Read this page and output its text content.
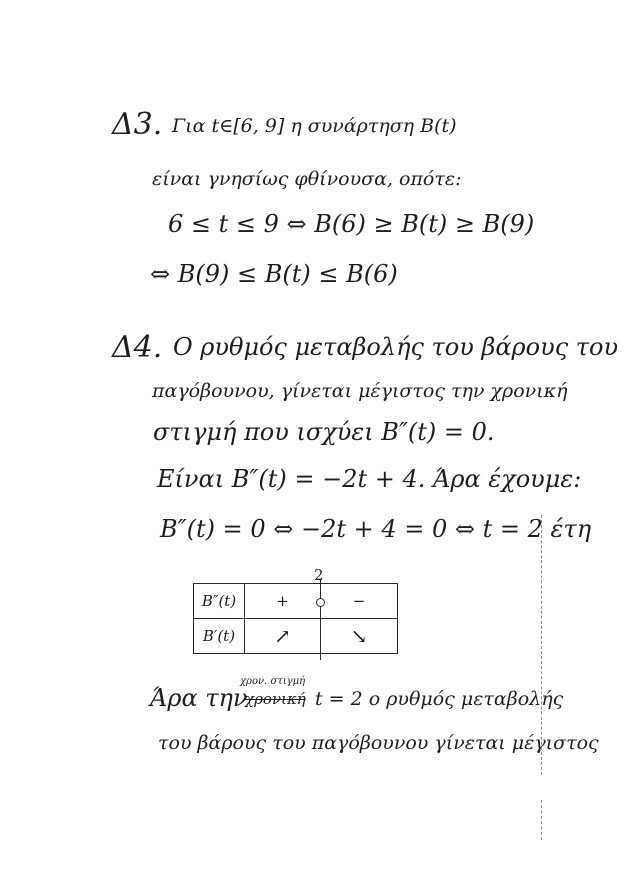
Δ3. Για t∈[6, 9] η συνάρτηση B(t)
είναι γνησίως φθίνουσα, οπότε:
6 ≤ t ≤ 9 ⇔ B(6) ≥ B(t) ≥ B(9)
⇔ B(9) ≤ B(t) ≤ B(6)
Δ4. Ο ρυθμός μεταβολής του βάρους του
παγόβουνου, γίνεται μέγιστος την χρονική
στιγμή που ισχύει B″(t) = 0.
Είναι B″(t) = −2t + 4. Άρα έχουμε:
B″(t) = 0 ⇔ −2t + 4 = 0 ⇔ t = 2 έτη
2
B″(t)	+	−
B′(t)	↗	↘
Άρα την
χρον. στιγμή
χρονική t = 2 ο ρυθμός μεταβολής
του βάρους του παγόβουνου γίνεται μέγιστος
